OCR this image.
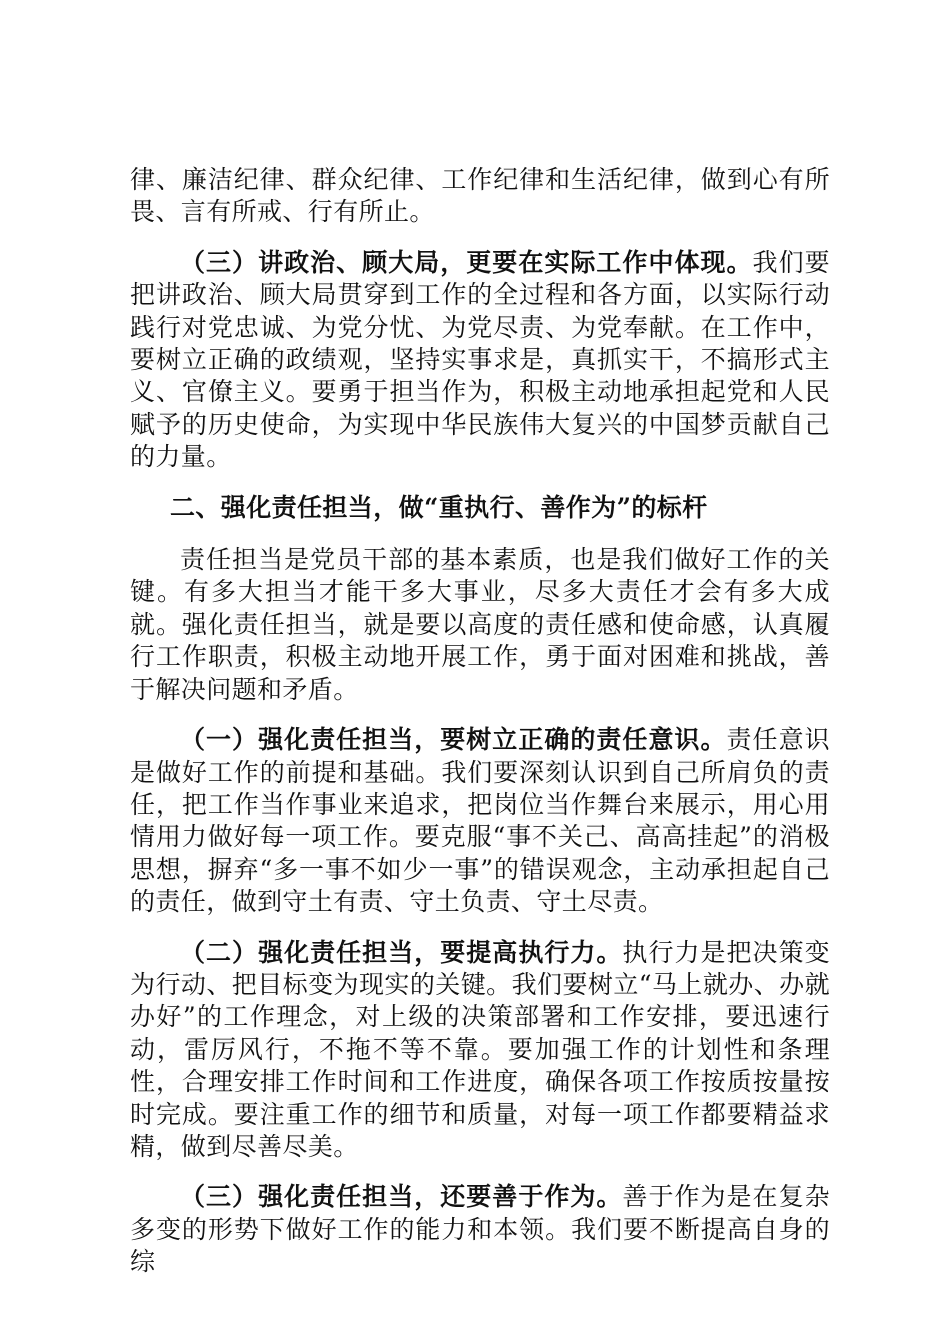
律、廉洁纪律、群众纪律、工作纪律和生活纪律，做到心有所畏、言有所戒、行有所止。

（三）讲政治、顾大局，更要在实际工作中体现。我们要把讲政治、顾大局贯穿到工作的全过程和各方面，以实际行动践行对党忠诚、为党分忧、为党尽责、为党奉献。在工作中，要树立正确的政绩观，坚持实事求是，真抓实干，不搞形式主义、官僚主义。要勇于担当作为，积极主动地承担起党和人民赋予的历史使命，为实现中华民族伟大复兴的中国梦贡献自己的力量。

二、强化责任担当，做“重执行、善作为”的标杆

责任担当是党员干部的基本素质，也是我们做好工作的关键。有多大担当才能干多大事业，尽多大责任才会有多大成就。强化责任担当，就是要以高度的责任感和使命感，认真履行工作职责，积极主动地开展工作，勇于面对困难和挑战，善于解决问题和矛盾。

（一）强化责任担当，要树立正确的责任意识。责任意识是做好工作的前提和基础。我们要深刻认识到自己所肩负的责任，把工作当作事业来追求，把岗位当作舞台来展示，用心用情用力做好每一项工作。要克服“事不关己、高高挂起”的消极思想，摒弃“多一事不如少一事”的错误观念，主动承担起自己的责任，做到守土有责、守土负责、守土尽责。

（二）强化责任担当，要提高执行力。执行力是把决策变为行动、把目标变为现实的关键。我们要树立“马上就办、办就办好”的工作理念，对上级的决策部署和工作安排，要迅速行动，雷厉风行，不拖不等不靠。要加强工作的计划性和条理性，合理安排工作时间和工作进度，确保各项工作按质按量按时完成。要注重工作的细节和质量，对每一项工作都要精益求精，做到尽善尽美。

（三）强化责任担当，还要善于作为。善于作为是在复杂多变的形势下做好工作的能力和本领。我们要不断提高自身的综
